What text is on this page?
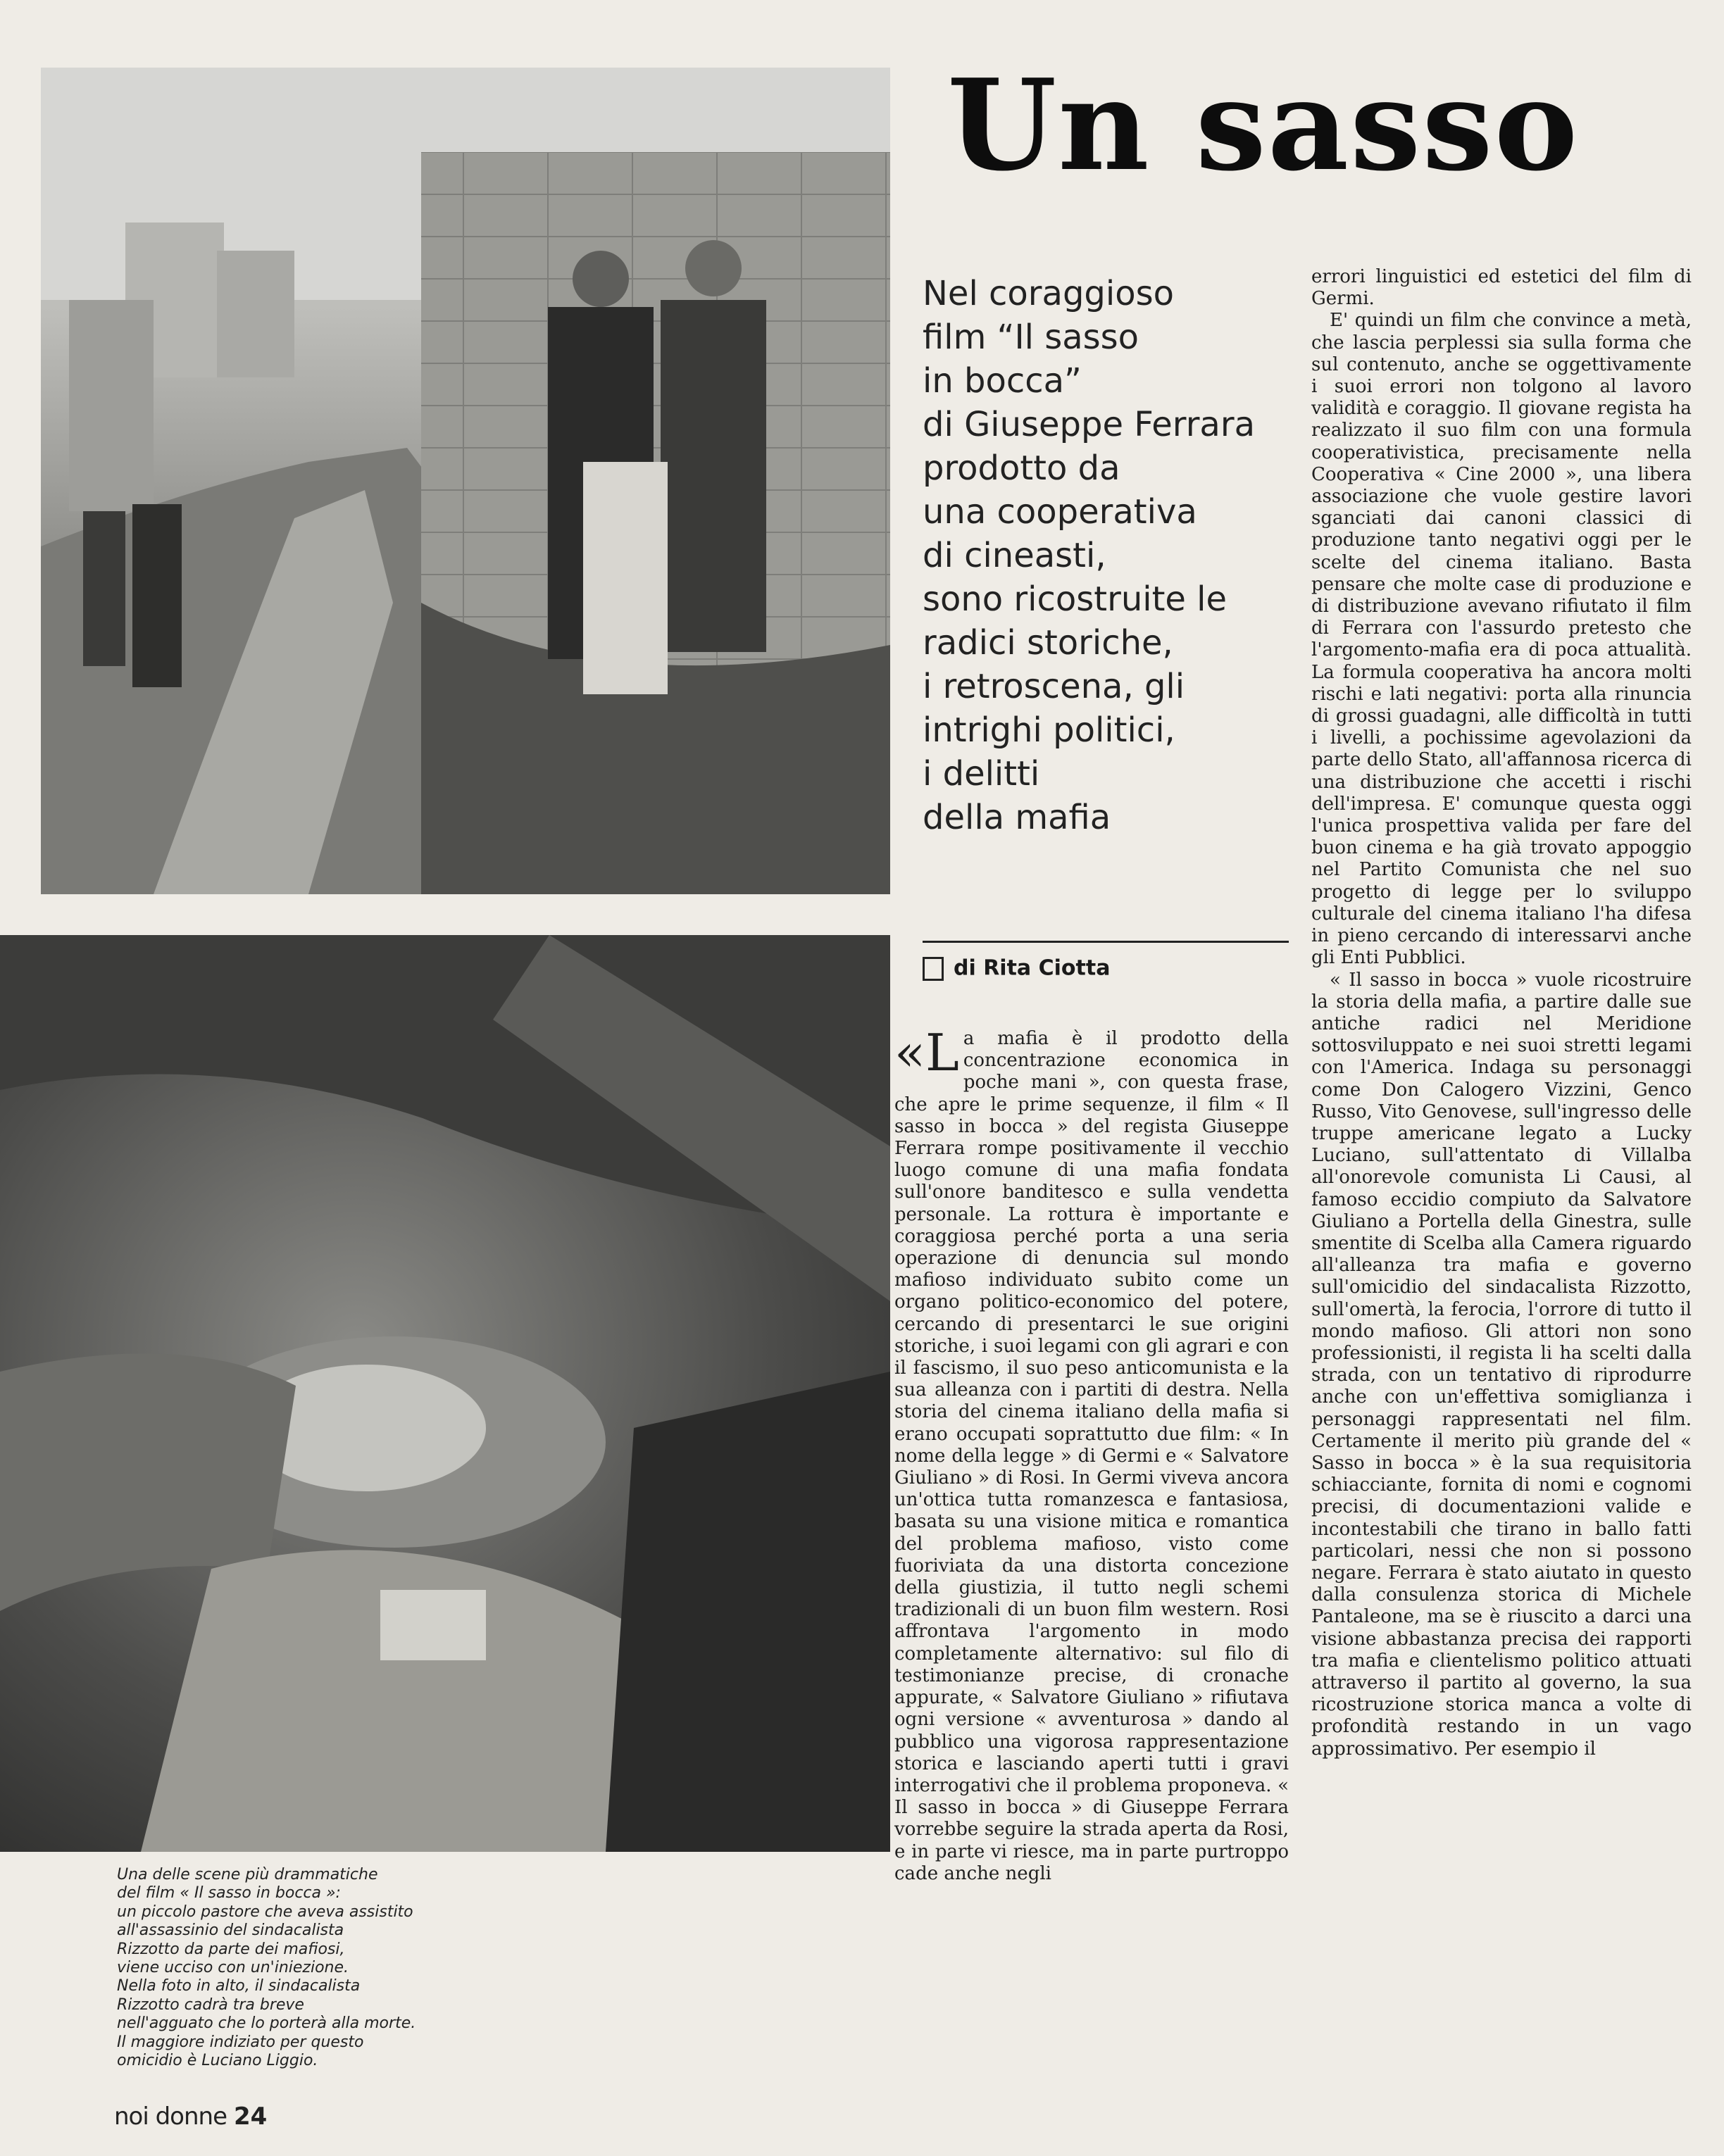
Un sasso
Nel coraggioso
film “Il sasso
in bocca”
di Giuseppe Ferrara
prodotto da
una cooperativa
di cineasti,
sono ricostruite le
radici storiche,
i retroscena, gli
intrighi politici,
i delitti
della mafia
di Rita Ciotta

«La mafia è il prodotto della concentrazione economica in poche mani », con questa frase, che apre le prime sequenze, il film « Il sasso in bocca » del regista Giuseppe Ferrara rompe positivamente il vecchio luogo comune di una mafia fondata sull'onore banditesco e sulla vendetta personale. La rottura è importante e coraggiosa perché porta a una seria operazione di denuncia sul mondo mafioso individuato subito come un organo politico-economico del potere, cercando di presentarci le sue origini storiche, i suoi legami con gli agrari e con il fascismo, il suo peso anticomunista e la sua alleanza con i partiti di destra. Nella storia del cinema italiano della mafia si erano occupati soprattutto due film: « In nome della legge » di Germi e « Salvatore Giuliano » di Rosi. In Germi viveva ancora un'ottica tutta romanzesca e fantasiosa, basata su una visione mitica e romantica del problema mafioso, visto come fuoriviata da una distorta concezione della giustizia, il tutto negli schemi tradizionali di un buon film western. Rosi affrontava l'argomento in modo completamente alternativo: sul filo di testimonianze precise, di cronache appurate, « Salvatore Giuliano » rifiutava ogni versione « avventurosa » dando al pubblico una vigorosa rappresentazione storica e lasciando aperti tutti i gravi interrogativi che il problema proponeva. « Il sasso in bocca » di Giuseppe Ferrara vorrebbe seguire la strada aperta da Rosi, e in parte vi riesce, ma in parte purtroppo cade anche negli

errori linguistici ed estetici del film di Germi.

E' quindi un film che convince a metà, che lascia perplessi sia sulla forma che sul contenuto, anche se oggettivamente i suoi errori non tolgono al lavoro validità e coraggio. Il giovane regista ha realizzato il suo film con una formula cooperativistica, precisamente nella Cooperativa « Cine 2000 », una libera associazione che vuole gestire lavori sganciati dai canoni classici di produzione tanto negativi oggi per le scelte del cinema italiano. Basta pensare che molte case di produzione e di distribuzione avevano rifiutato il film di Ferrara con l'assurdo pretesto che l'argomento-mafia era di poca attualità. La formula cooperativa ha ancora molti rischi e lati negativi: porta alla rinuncia di grossi guadagni, alle difficoltà in tutti i livelli, a pochissime agevolazioni da parte dello Stato, all'affannosa ricerca di una distribuzione che accetti i rischi dell'impresa. E' comunque questa oggi l'unica prospettiva valida per fare del buon cinema e ha già trovato appoggio nel Partito Comunista che nel suo progetto di legge per lo sviluppo culturale del cinema italiano l'ha difesa in pieno cercando di interessarvi anche gli Enti Pubblici.

« Il sasso in bocca » vuole ricostruire la storia della mafia, a partire dalle sue antiche radici nel Meridione sottosviluppato e nei suoi stretti legami con l'America. Indaga su personaggi come Don Calogero Vizzini, Genco Russo, Vito Genovese, sull'ingresso delle truppe americane legato a Lucky Luciano, sull'attentato di Villalba all'onorevole comunista Li Causi, al famoso eccidio compiuto da Salvatore Giuliano a Portella della Ginestra, sulle smentite di Scelba alla Camera riguardo all'alleanza tra mafia e governo sull'omicidio del sindacalista Rizzotto, sull'omertà, la ferocia, l'orrore di tutto il mondo mafioso. Gli attori non sono professionisti, il regista li ha scelti dalla strada, con un tentativo di riprodurre anche con un'effettiva somiglianza i personaggi rappresentati nel film. Certamente il merito più grande del « Sasso in bocca » è la sua requisitoria schiacciante, fornita di nomi e cognomi precisi, di documentazioni valide e incontestabili che tirano in ballo fatti particolari, nessi che non si possono negare. Ferrara è stato aiutato in questo dalla consulenza storica di Michele Pantaleone, ma se è riuscito a darci una visione abbastanza precisa dei rapporti tra mafia e clientelismo politico attuati attraverso il partito al governo, la sua ricostruzione storica manca a volte di profondità restando in un vago approssimativo. Per esempio il

Una delle scene più drammatiche
del film « Il sasso in bocca »:
un piccolo pastore che aveva assistito
all'assassinio del sindacalista
Rizzotto da parte dei mafiosi,
viene ucciso con un'iniezione.
Nella foto in alto, il sindacalista
Rizzotto cadrà tra breve
nell'agguato che lo porterà alla morte.
Il maggiore indiziato per questo
omicidio è Luciano Liggio.
noi donne 24
